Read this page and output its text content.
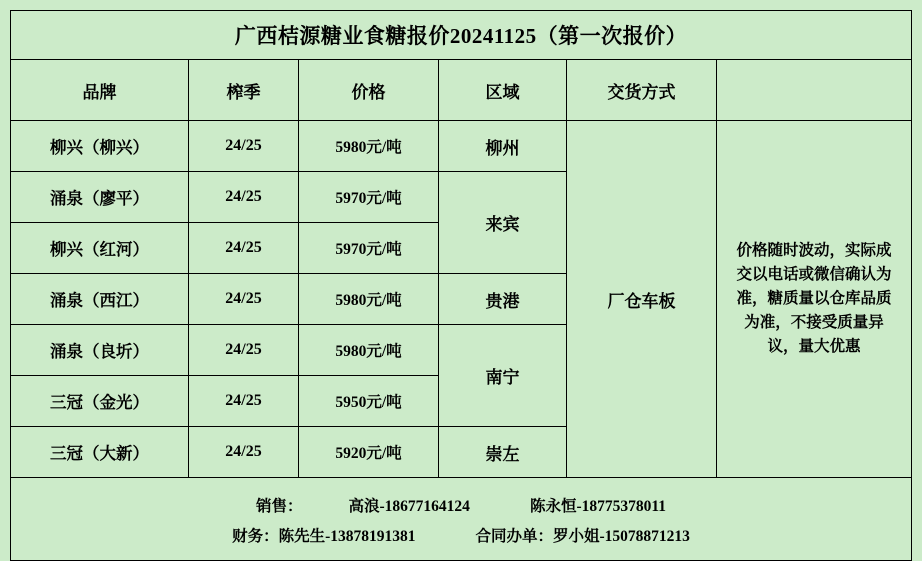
广西桔源糖业食糖报价20241125（第一次报价）
品牌	榨季	价格	区域	交货方式	
柳兴（柳兴）	24/25	5980元/吨	柳州	厂仓车板	价格随时波动，实际成交以电话或微信确认为准，糖质量以仓库品质为准，不接受质量异议，量大优惠
涌泉（廖平）	24/25	5970元/吨	来宾		
柳兴（红河）	24/25	5970元/吨			
涌泉（西江）	24/25	5980元/吨	贵港		
涌泉（良圻）	24/25	5980元/吨	南宁		
三冠（金光）	24/25	5950元/吨			
三冠（大新）	24/25	5920元/吨	崇左		
销售：	高浪-18677164124	陈永恒-18775378011
财务：陈先生-13878191381	合同办单：罗小姐-15078871213
